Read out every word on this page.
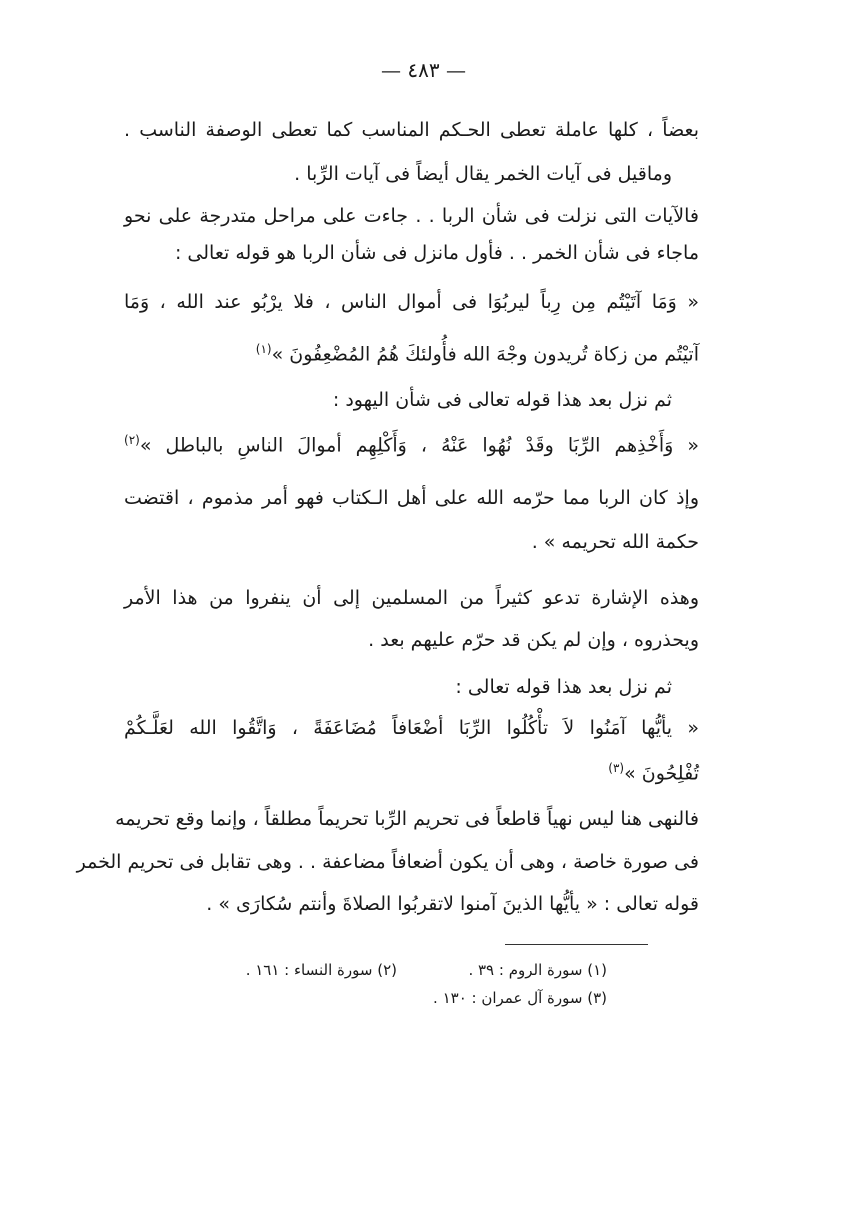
— ٤٨٣ —
بعضاً ، كلها عاملة تعطى الحـكم المناسب كما تعطى الوصفة الناسب .
وماقيل فى آيات الخمر يقال أيضاً فى آيات الرِّبا .
فالآيات التى نزلت فى شأن الربا . . جاءت على مراحل متدرجة على نحو
ماجاء فى شأن الخمر . . فأول مانزل فى شأن الربا هو قوله تعالى :
« وَمَا آتَيْتُم مِن رِباً ليربُوَا فى أموال الناس ، فلا يرْبُو عند الله ، وَمَا
آتيْتُم من زكاة تُريدون وجْهَ الله فأُولئكَ هُمُ المُضْعِفُونَ »$^{(١)}$
ثم نزل بعد هذا قوله تعالى فى شأن اليهود :
« وَأَخْذِهم الرِّبَا وقَدْ نُهُوا عَنْهُ ، وَأَكْلِهِم أموالَ الناسِ بالباطل »$^{(٢)}$
وإذ كان الربا مما حرّمه الله على أهل الـكتاب فهو أمر مذموم ، اقتضت
حكمة الله تحريمه » .
وهذه الإشارة تدعو كثيراً من المسلمين إلى أن ينفروا من هذا الأمر
ويحذروه ، وإن لم يكن قد حرّم عليهم بعد .
ثم نزل بعد هذا قوله تعالى :
« يأيُّها آمَنُوا لاَ تأْكُلُوا الرِّبَا أضْعَافاً مُضَاعَفَةً ، وَاتَّقُوا الله لعَلَّـكُمْ
تُفْلِحُونَ »$^{(٣)}$
فالنهى هنا ليس نهياً قاطعاً فى تحريم الرِّبا تحريماً مطلقاً ، وإنما وقع تحريمه
فى صورة خاصة ، وهى أن يكون أضعافاً مضاعفة . . وهى تقابل فى تحريم الخمر
قوله تعالى : « يأيُّها الذينَ آمنوا لاتقربُوا الصلاةَ وأنتم سُكارَى » .
(١) سورة الروم : ٣٩ .
(٢) سورة النساء : ١٦١ .
(٣) سورة آل عمران : ١٣٠ .
